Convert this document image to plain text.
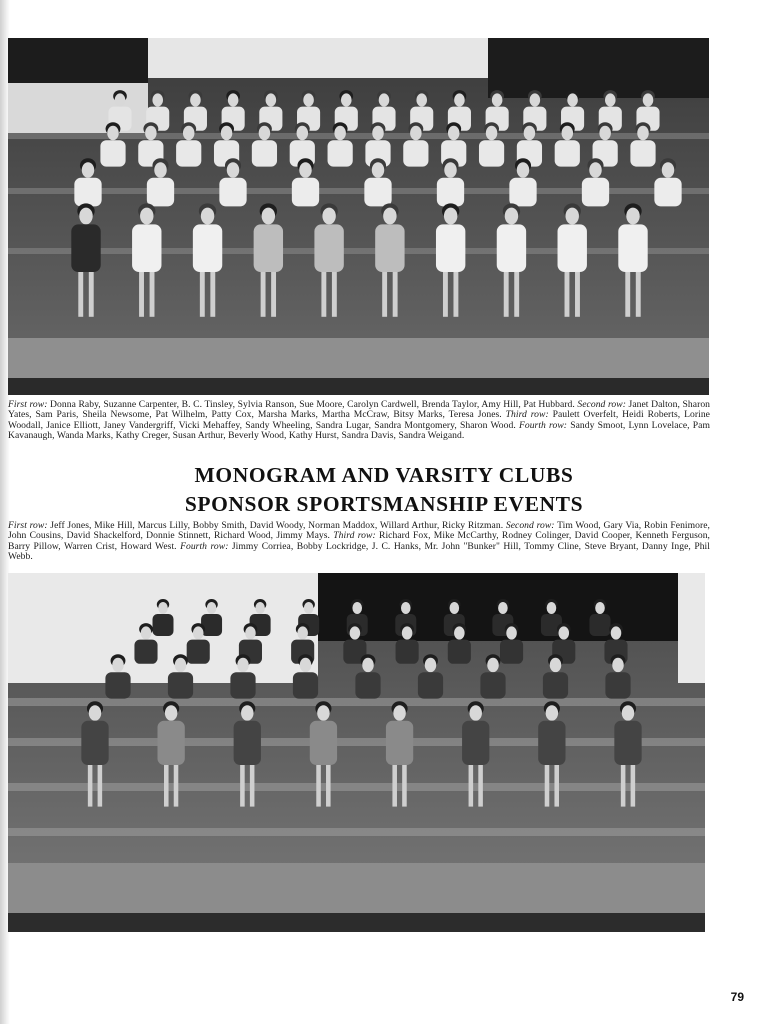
First row: Donna Raby, Suzanne Carpenter, B. C. Tinsley, Sylvia Ranson, Sue Moore, Carolyn Cardwell, Brenda Taylor, Amy Hill, Pat Hubbard. Second row: Janet Dalton, Sharon Yates, Sam Paris, Sheila Newsome, Pat Wilhelm, Patty Cox, Marsha Marks, Martha McCraw, Bitsy Marks, Teresa Jones. Third row: Paulett Overfelt, Heidi Roberts, Lorine Woodall, Janice Elliott, Janey Vandergriff, Vicki Mehaffey, Sandy Wheeling, Sandra Lugar, Sandra Montgomery, Sharon Wood. Fourth row: Sandy Smoot, Lynn Lovelace, Pam Kavanaugh, Wanda Marks, Kathy Creger, Susan Arthur, Beverly Wood, Kathy Hurst, Sandra Davis, Sandra Weigand.
MONOGRAM AND VARSITY CLUBS
SPONSOR SPORTSMANSHIP EVENTS
First row: Jeff Jones, Mike Hill, Marcus Lilly, Bobby Smith, David Woody, Norman Maddox, Willard Arthur, Ricky Ritzman. Second row: Tim Wood, Gary Via, Robin Fenimore, John Cousins, David Shackelford, Donnie Stinnett, Richard Wood, Jimmy Mays. Third row: Richard Fox, Mike McCarthy, Rodney Colinger, David Cooper, Kenneth Ferguson, Barry Pillow, Warren Crist, Howard West. Fourth row: Jimmy Corriea, Bobby Lockridge, J. C. Hanks, Mr. John "Bunker" Hill, Tommy Cline, Steve Bryant, Danny Inge, Phil Webb.
79
